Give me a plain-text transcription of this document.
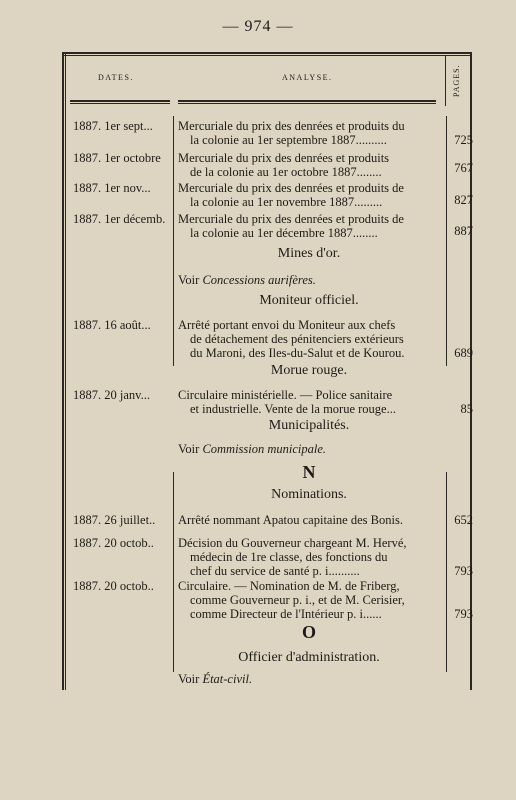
— 974 —
DATES.	ANALYSE.	PAGES.
1887. 1er sept... Mercuriale du prix des denrées et produits du
la colonie au 1er septembre 1887..........	725
1887. 1er octobre Mercuriale du prix des denrées et produits
de la colonie au 1er octobre 1887........	767
1887. 1er nov... Mercuriale du prix des denrées et produits de
la colonie au 1er novembre 1887.........	827
1887. 1er décemb. Mercuriale du prix des denrées et produits de
la colonie au 1er décembre 1887........	887
Mines d'or.
Voir Concessions aurifères.
Moniteur officiel.
1887. 16 août... Arrêté portant envoi du Moniteur aux chefs
de détachement des pénitenciers extérieurs
du Maroni, des Iles-du-Salut et de Kourou.	689
Morue rouge.
1887. 20 janv... Circulaire ministérielle. — Police sanitaire
et industrielle. Vente de la morue rouge...	85
Municipalités.
Voir Commission municipale.
N
Nominations.
1887. 26 juillet.. Arrêté nommant Apatou capitaine des Bonis.	652
1887. 20 octob.. Décision du Gouverneur chargeant M. Hervé,
médecin de 1re classe, des fonctions du
chef du service de santé p. i..........	793
1887. 20 octob.. Circulaire. — Nomination de M. de Friberg,
comme Gouverneur p. i., et de M. Cerisier,
comme Directeur de l'Intérieur p. i......	793
O
Officier d'administration.
Voir État-civil.
